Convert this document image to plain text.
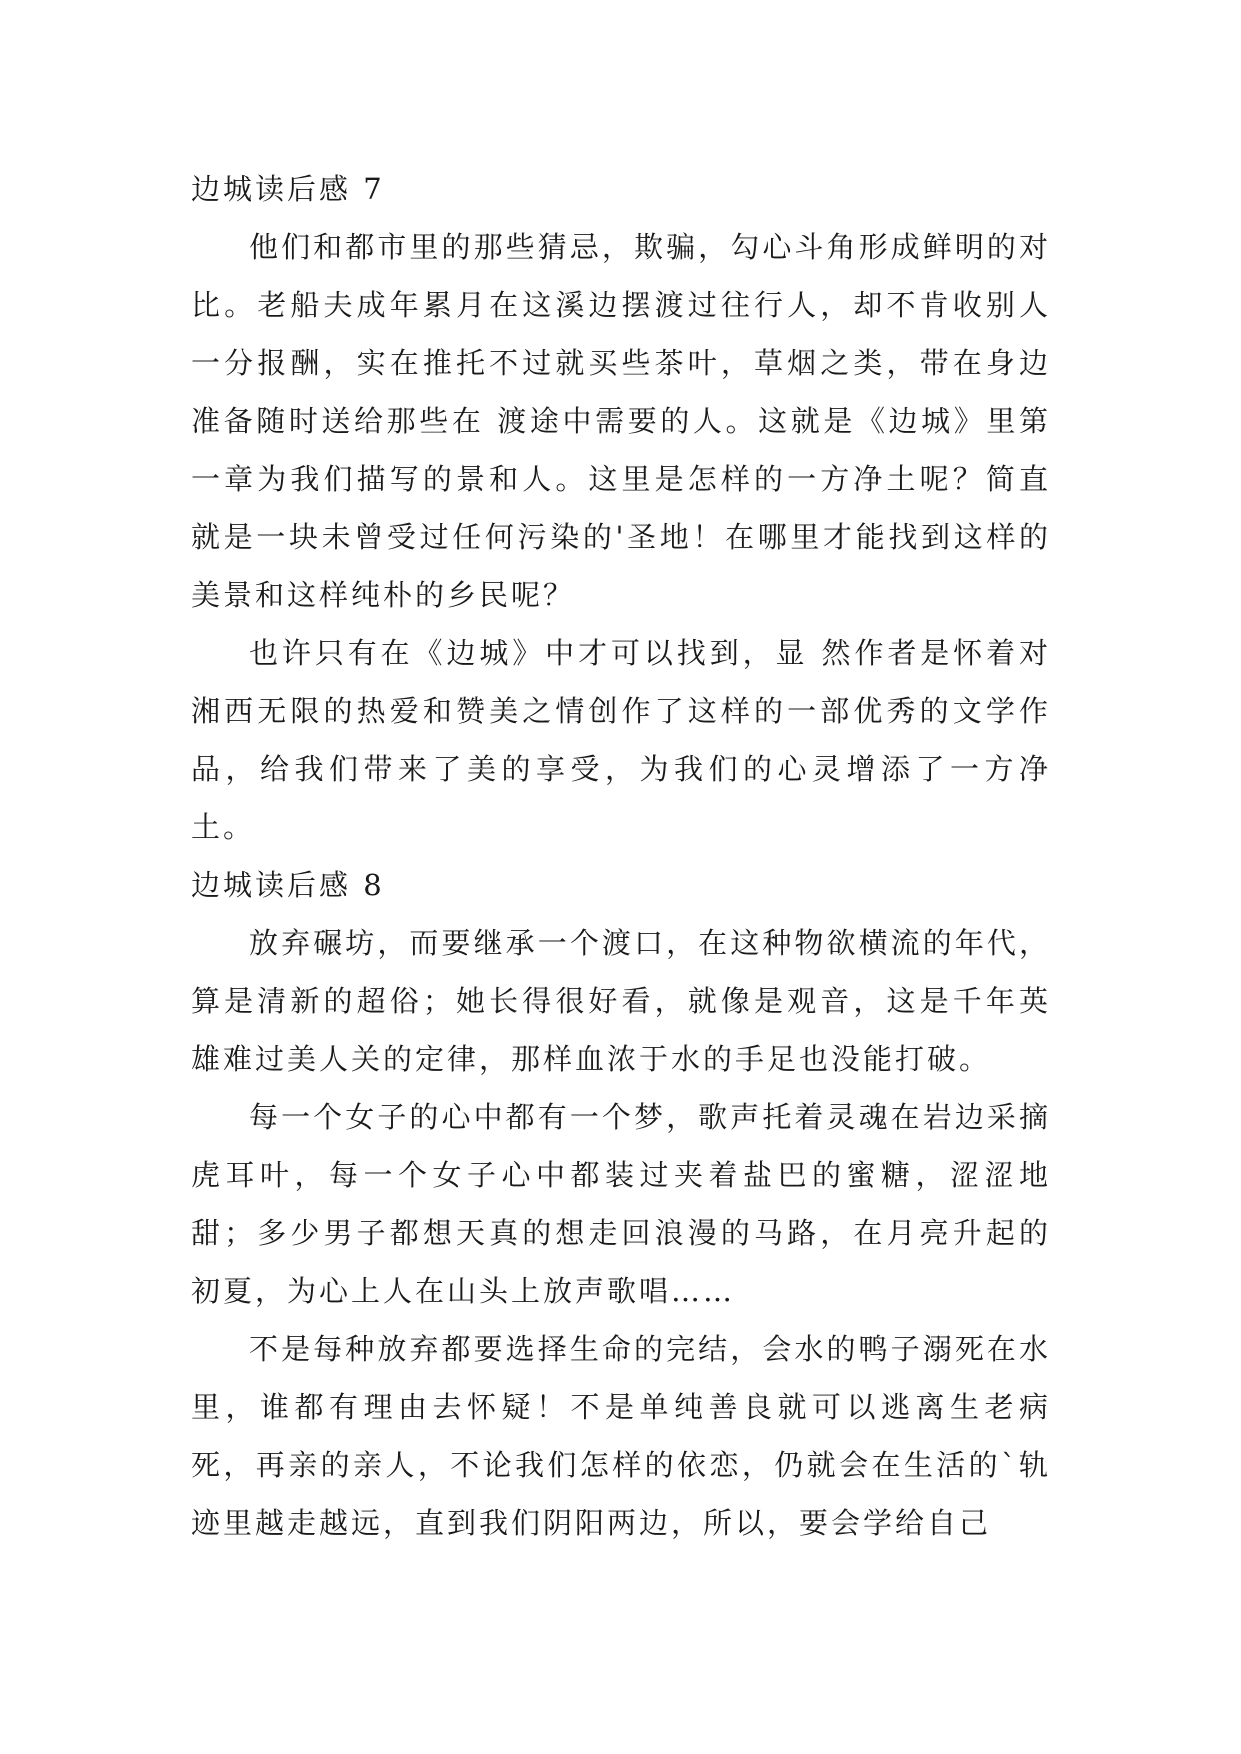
边城读后感 7

他们和都市里的那些猜忌，欺骗，勾心斗角形成鲜明的对比。老船夫成年累月在这溪边摆渡过往行人，却不肯收别人一分报酬，实在推托不过就买些茶叶，草烟之类，带在身边准备随时送给那些在 渡途中需要的人。这就是《边城》里第一章为我们描写的景和人。这里是怎样的一方净土呢？简直就是一块未曾受过任何污染的'圣地！在哪里才能找到这样的美景和这样纯朴的乡民呢？

也许只有在《边城》中才可以找到，显 然作者是怀着对湘西无限的热爱和赞美之情创作了这样的一部优秀的文学作品，给我们带来了美的享受，为我们的心灵增添了一方净土。

边城读后感 8

放弃碾坊，而要继承一个渡口，在这种物欲横流的年代，算是清新的超俗；她长得很好看，就像是观音，这是千年英雄难过美人关的定律，那样血浓于水的手足也没能打破。

每一个女子的心中都有一个梦，歌声托着灵魂在岩边采摘虎耳叶，每一个女子心中都装过夹着盐巴的蜜糖，涩涩地甜；多少男子都想天真的想走回浪漫的马路，在月亮升起的初夏，为心上人在山头上放声歌唱……

不是每种放弃都要选择生命的完结，会水的鸭子溺死在水里，谁都有理由去怀疑！不是单纯善良就可以逃离生老病死，再亲的亲人，不论我们怎样的依恋，仍就会在生活的`轨迹里越走越远，直到我们阴阳两边，所以，要会学给自己
